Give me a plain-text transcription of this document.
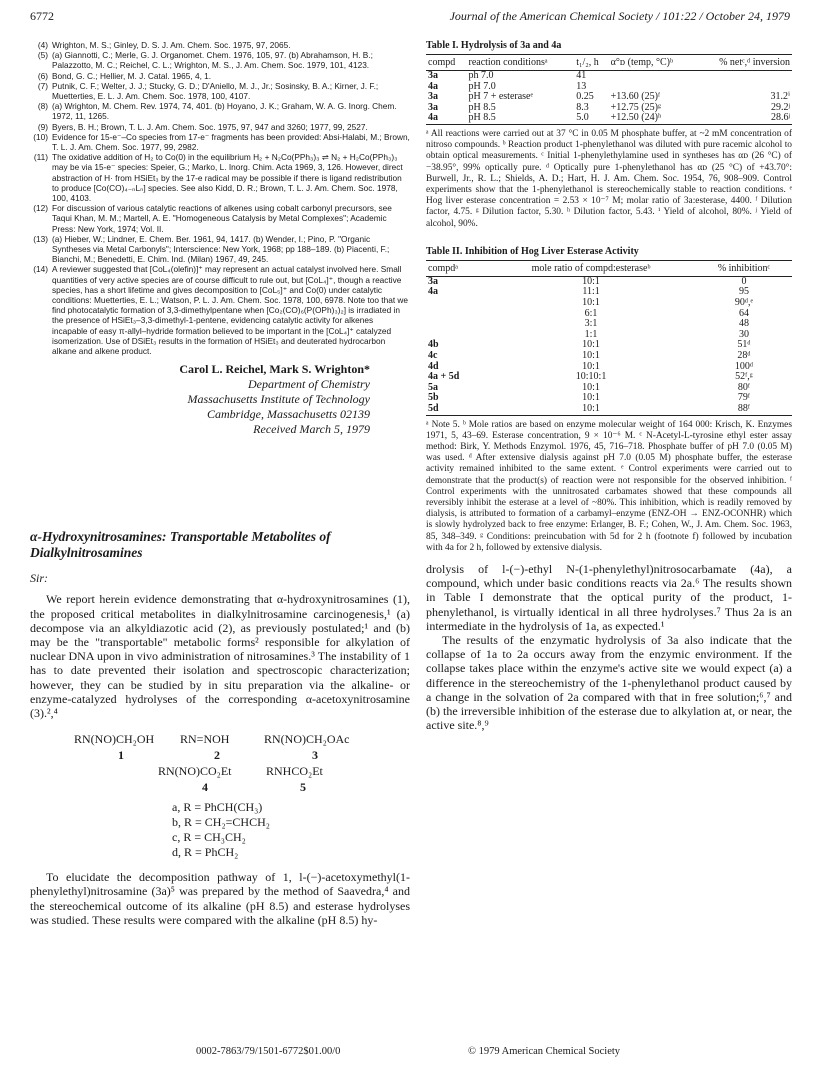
6772	Journal of the American Chemical Society / 101:22 / October 24, 1979
(4) Wrighton, M. S.; Ginley, D. S. J. Am. Chem. Soc. 1975, 97, 2065.
(5) (a) Giannotti, C.; Merle, G. J. Organomet. Chem. 1976, 105, 97. (b) Abrahamson, H. B.; Palazzotto, M. C.; Reichel, C. L.; Wrighton, M. S., J. Am. Chem. Soc. 1979, 101, 4123.
(6) Bond, G. C.; Hellier, M. J. Catal. 1965, 4, 1.
(7) Putnik, C. F.; Welter, J. J.; Stucky, G. D.; D'Aniello, M. J., Jr.; Sosinsky, B. A.; Kirner, J. F.; Muetterties, E. L. J. Am. Chem. Soc. 1978, 100, 4107.
(8) (a) Wrighton, M. Chem. Rev. 1974, 74, 401. (b) Hoyano, J. K.; Graham, W. A. G. Inorg. Chem. 1972, 11, 1265.
(9) Byers, B. H.; Brown, T. L. J. Am. Chem. Soc. 1975, 97, 947 and 3260; 1977, 99, 2527.
(10) Evidence for 15-e⁻–Co species from 17-e⁻ fragments has been provided: Absi-Halabi, M.; Brown, T. L. J. Am. Chem. Soc. 1977, 99, 2982.
(11) The oxidative addition of H₂ to Co(0) in the equilibrium H₂ + N₂Co(PPh₃)₃ ⇌ N₂ + H₂Co(PPh₃)₃ may be via 15-e⁻ species: Speier, G.; Marko, L. Inorg. Chim. Acta 1969, 3, 126. However, direct abstraction of H· from HSiEt₃ by the 17-e radical may be possible if there is ligand redistribution to produce [Co(CO)₄₋ₙLₙ] species. See also Kidd, D. R.; Brown, T. L. J. Am. Chem. Soc. 1978, 100, 4103.
(12) For discussion of various catalytic reactions of alkenes using cobalt carbonyl precursors, see Taqui Khan, M. M.; Martell, A. E. "Homogeneous Catalysis by Metal Complexes"; Academic Press: New York, 1974; Vol. II.
(13) (a) Hieber, W.; Lindner, E. Chem. Ber. 1961, 94, 1417. (b) Wender, I.; Pino, P. "Organic Syntheses via Metal Carbonyls"; Interscience: New York, 1968; pp 188–189. (b) Piacenti, F.; Bianchi, M.; Benedetti, E. Chim. Ind. (Milan) 1967, 49, 245.
(14) A reviewer suggested that [CoL₄(olefin)]⁺ may represent an actual catalyst involved here. Small quantities of very active species are of course difficult to rule out, but [CoL₄]⁺, though a reactive species, has a short lifetime and gives decomposition to [CoL₅]⁺ and Co(0) under catalytic conditions: Muetterties, E. L.; Watson, P. L. J. Am. Chem. Soc. 1978, 100, 6978. Note too that we find photocatalytic formation of 3,3-dimethylpentane when [Co₂(CO)₆(P(OPh)₃)₂] is irradiated in the presence of HSiEt₃–3,3-dimethyl-1-pentene, evidencing catalytic activity for alkenes incapable of easy π-allyl–hydride formation believed to be important in the [CoL₄]⁺ catalyzed isomerization. Use of DSiEt₃ results in the formation of HSiEt₃ and deuterated hydrocarbon alkane and alkene product.
Carol L. Reichel, Mark S. Wrighton*
Department of Chemistry
Massachusetts Institute of Technology
Cambridge, Massachusetts 02139
Received March 5, 1979
α-Hydroxynitrosamines: Transportable Metabolites of Dialkylnitrosamines
Sir:

We report herein evidence demonstrating that α-hydroxynitrosamines (1), the proposed critical metabolites in dialkylnitrosamine carcinogenesis,¹ (a) decompose via an alkyldiazotic acid (2), as previously postulated;¹ and (b) may be the "transportable" metabolic forms² responsible for alkylation of nuclear DNA upon in vivo administration of nitrosamines.³ The instability of 1 has to date prevented their isolation and spectroscopic characterization; however, they can be studied by in situ preparation via the alkaline- or enzyme-catalyzed hydrolyses of the corresponding α-acetoxynitrosamine (3).²,⁴

RN(NO)CH₂OH RN=NOH	RN(NO)CH₂OAc
1	2	3
RN(NO)CO₂Et	RNHCO₂Et
4	5
a, R = PhCH(CH₃)
b, R = CH₂=CHCH₂
c, R = CH₃CH₂
d, R = PhCH₂

To elucidate the decomposition pathway of 1, l-(−)-acetoxymethyl(1-phenylethyl)nitrosamine (3a)⁵ was prepared by the method of Saavedra,⁴ and the stereochemical outcome of its alkaline (pH 8.5) and esterase hydrolyses was studied. These results were compared with the alkaline (pH 8.5) hy-

Table I. Hydrolysis of 3a and 4a
compd	reaction conditionsᵃ	t₁/₂, h	α°ᴅ (temp, °C)ᵇ	% netᶜ,ᵈ inversion
3a	ph 7.0	41		
4a	pH 7.0	13		
3a	pH 7 + esteraseᵉ	0.25	+13.60 (25)ᶠ	31.2ⁱ
3a	pH 8.5	8.3	+12.75 (25)ᵍ	29.2ʲ
4a	pH 8.5	5.0	+12.50 (24)ʰ	28.6ʲ
ᵃ All reactions were carried out at 37 °C in 0.05 M phosphate buffer, at ~2 mM concentration of nitroso compounds. ᵇ Reaction product 1-phenylethanol was diluted with pure racemic alcohol to obtain optical measurements. ᶜ Initial 1-phenylethylamine used in syntheses has αᴅ (26 °C) of −38.95°, 99% optically pure. ᵈ Optically pure 1-phenylethanol has αᴅ (25 °C) of +43.70°: Burwell, Jr., R. L.; Shields, A. D.; Hart, H. J. Am. Chem. Soc. 1954, 76, 908–909. Control experiments show that the 1-phenylethanol is stereochemically stable to reaction conditions. ᵉ Hog liver esterase concentration = 2.53 × 10⁻⁷ M; molar ratio of 3a:esterase, 4400. ᶠ Dilution factor, 4.75. ᵍ Dilution factor, 5.30. ʰ Dilution factor, 5.43. ⁱ Yield of alcohol, 80%. ʲ Yield of alcohol, 90%.
Table II. Inhibition of Hog Liver Esterase Activity
compdᵃ	mole ratio of compd:esteraseᵇ	% inhibitionᶜ
3a	10:1	0
4a	11:1	95
	10:1	90ᵈ,ᵉ
	6:1	64
	3:1	48
	1:1	30
4b	10:1	51ᵈ
4c	10:1	28ᵈ
4d	10:1	100ᵈ
4a + 5d	10:10:1	52ᶠ,ᵍ
5a	10:1	80ᶠ
5b	10:1	79ᶠ
5d	10:1	88ᶠ
ᵃ Note 5. ᵇ Mole ratios are based on enzyme molecular weight of 164 000: Krisch, K. Enzymes 1971, 5, 43–69. Esterase concentration, 9 × 10⁻⁶ M. ᶜ N-Acetyl-L-tyrosine ethyl ester assay method: Birk, Y. Methods Enzymol. 1976, 45, 716–718. Phosphate buffer of pH 7.0 (0.05 M) was used. ᵈ After extensive dialysis against pH 7.0 (0.05 M) phosphate buffer, the esterase activity remained inhibited to the same extent. ᵉ Control experiments were carried out to demonstrate that the product(s) of reaction were not responsible for the observed inhibition. ᶠ Control experiments with the unnitrosated carbamates showed that these compounds all reversibly inhibit the esterase at a level of ~80%. This inhibition, which is readily removed by dialysis, is attributed to formation of a carbamyl–enzyme (ENZ-OH → ENZ-OCONHR) which is slowly hydrolyzed back to free enzyme: Erlanger, B. F.; Cohen, W., J. Am. Chem. Soc. 1963, 85, 348–349. ᵍ Conditions: preincubation with 5d for 2 h (footnote f) followed by incubation with 4a for 2 h, followed by extensive dialysis.

drolysis of l-(−)-ethyl N-(1-phenylethyl)nitrosocarbamate (4a), a compound, which under basic conditions reacts via 2a.⁶ The results shown in Table I demonstrate that the optical purity of the product, 1-phenylethanol, is virtually identical in all three hydrolyses.⁷ Thus 2a is an intermediate in the hydrolysis of 1a, as expected.¹

The results of the enzymatic hydrolysis of 3a also indicate that the collapse of 1a to 2a occurs away from the enzymic environment. If the collapse takes place within the enzyme's active site we would expect (a) a difference in the stereochemistry of the 1-phenylethanol product caused by a change in the solvation of 2a compared with that in free solution;⁶,⁷ and (b) the irreversible inhibition of the esterase due to alkylation at, or near, the active site.⁸,⁹

0002-7863/79/1501-6772$01.00/0	© 1979 American Chemical Society
